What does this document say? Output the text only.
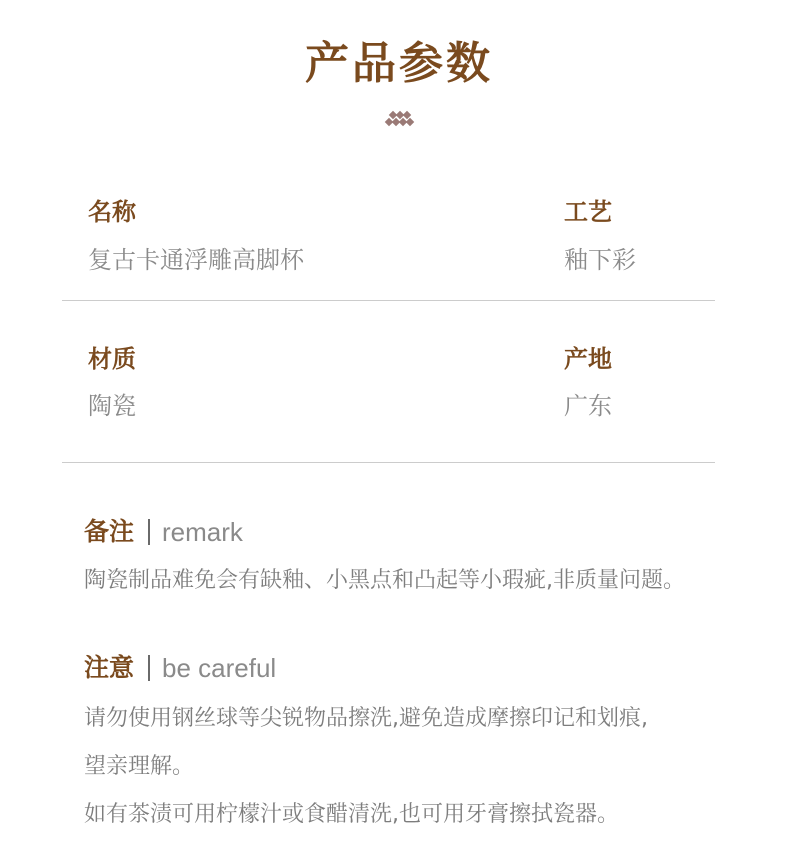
产品参数
名称
复古卡通浮雕高脚杯
工艺
釉下彩
材质
陶瓷
产地
广东
备注 remark
陶瓷制品难免会有缺釉、小黑点和凸起等小瑕疵,非质量问题。
注意 be careful
请勿使用钢丝球等尖锐物品擦洗,避免造成摩擦印记和划痕,
望亲理解。
如有茶渍可用柠檬汁或食醋清洗,也可用牙膏擦拭瓷器。
